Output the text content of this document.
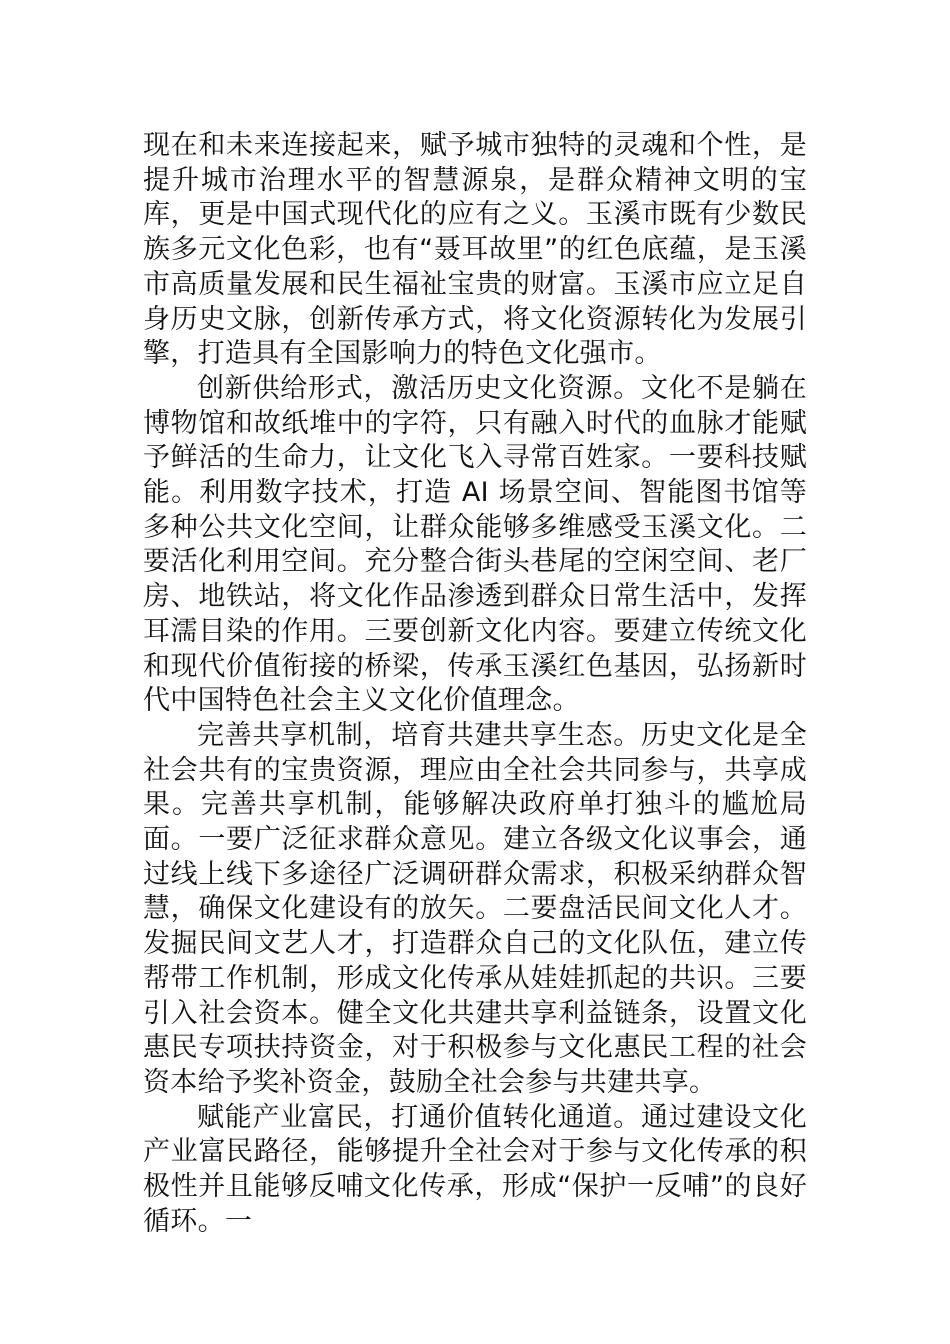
现在和未来连接起来，赋予城市独特的灵魂和个性，是提升城市治理水平的智慧源泉，是群众精神文明的宝库，更是中国式现代化的应有之义。玉溪市既有少数民族多元文化色彩，也有“聂耳故里”的红色底蕴，是玉溪市高质量发展和民生福祉宝贵的财富。玉溪市应立足自身历史文脉，创新传承方式，将文化资源转化为发展引擎，打造具有全国影响力的特色文化强市。

创新供给形式，激活历史文化资源。文化不是躺在博物馆和故纸堆中的字符，只有融入时代的血脉才能赋予鲜活的生命力，让文化飞入寻常百姓家。一要科技赋能。利用数字技术，打造 AI 场景空间、智能图书馆等多种公共文化空间，让群众能够多维感受玉溪文化。二要活化利用空间。充分整合街头巷尾的空闲空间、老厂房、地铁站，将文化作品渗透到群众日常生活中，发挥耳濡目染的作用。三要创新文化内容。要建立传统文化和现代价值衔接的桥梁，传承玉溪红色基因，弘扬新时代中国特色社会主义文化价值理念。

完善共享机制，培育共建共享生态。历史文化是全社会共有的宝贵资源，理应由全社会共同参与，共享成果。完善共享机制，能够解决政府单打独斗的尴尬局面。一要广泛征求群众意见。建立各级文化议事会，通过线上线下多途径广泛调研群众需求，积极采纳群众智慧，确保文化建设有的放矢。二要盘活民间文化人才。发掘民间文艺人才，打造群众自己的文化队伍，建立传帮带工作机制，形成文化传承从娃娃抓起的共识。三要引入社会资本。健全文化共建共享利益链条，设置文化惠民专项扶持资金，对于积极参与文化惠民工程的社会资本给予奖补资金，鼓励全社会参与共建共享。

赋能产业富民，打通价值转化通道。通过建设文化产业富民路径，能够提升全社会对于参与文化传承的积极性并且能够反哺文化传承，形成“保护一反哺”的良好循环。一
